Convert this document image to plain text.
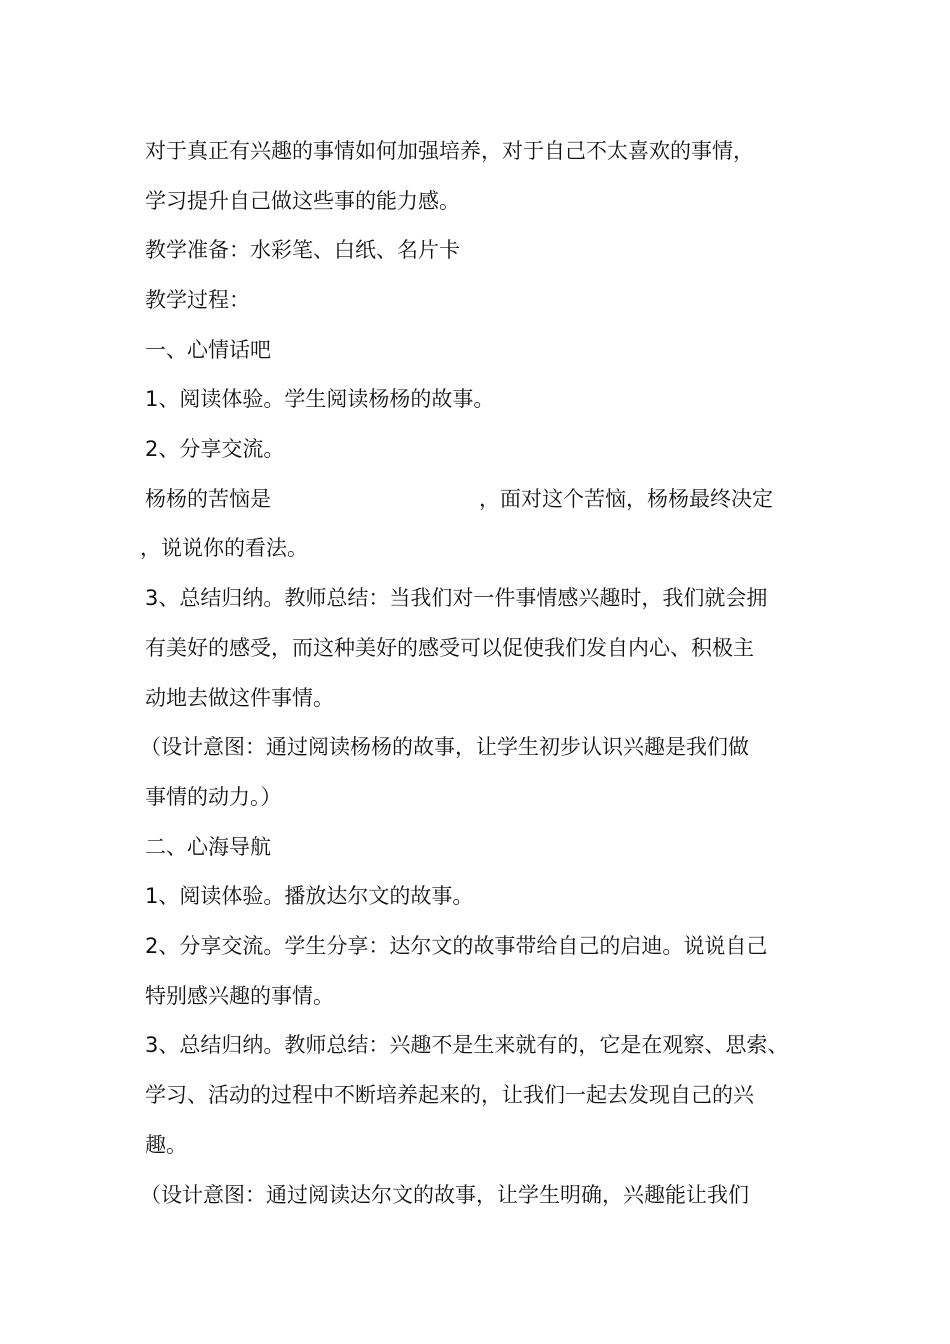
对于真正有兴趣的事情如何加强培养，对于自己不太喜欢的事情，
学习提升自己做这些事的能力感。
教学准备：水彩笔、白纸、名片卡
教学过程：
一、心情话吧
1、阅读体验。学生阅读杨杨的故事。
2、分享交流。
杨杨的苦恼是	，面对这个苦恼，杨杨最终决定
，说说你的看法。
3、总结归纳。教师总结：当我们对一件事情感兴趣时，我们就会拥
有美好的感受，而这种美好的感受可以促使我们发自内心、积极主
动地去做这件事情。
（设计意图：通过阅读杨杨的故事，让学生初步认识兴趣是我们做
事情的动力。）
二、心海导航
1、阅读体验。播放达尔文的故事。
2、分享交流。学生分享：达尔文的故事带给自己的启迪。说说自己
特别感兴趣的事情。
3、总结归纳。教师总结：兴趣不是生来就有的，它是在观察、思索、
学习、活动的过程中不断培养起来的，让我们一起去发现自己的兴
趣。
（设计意图：通过阅读达尔文的故事，让学生明确，兴趣能让我们
